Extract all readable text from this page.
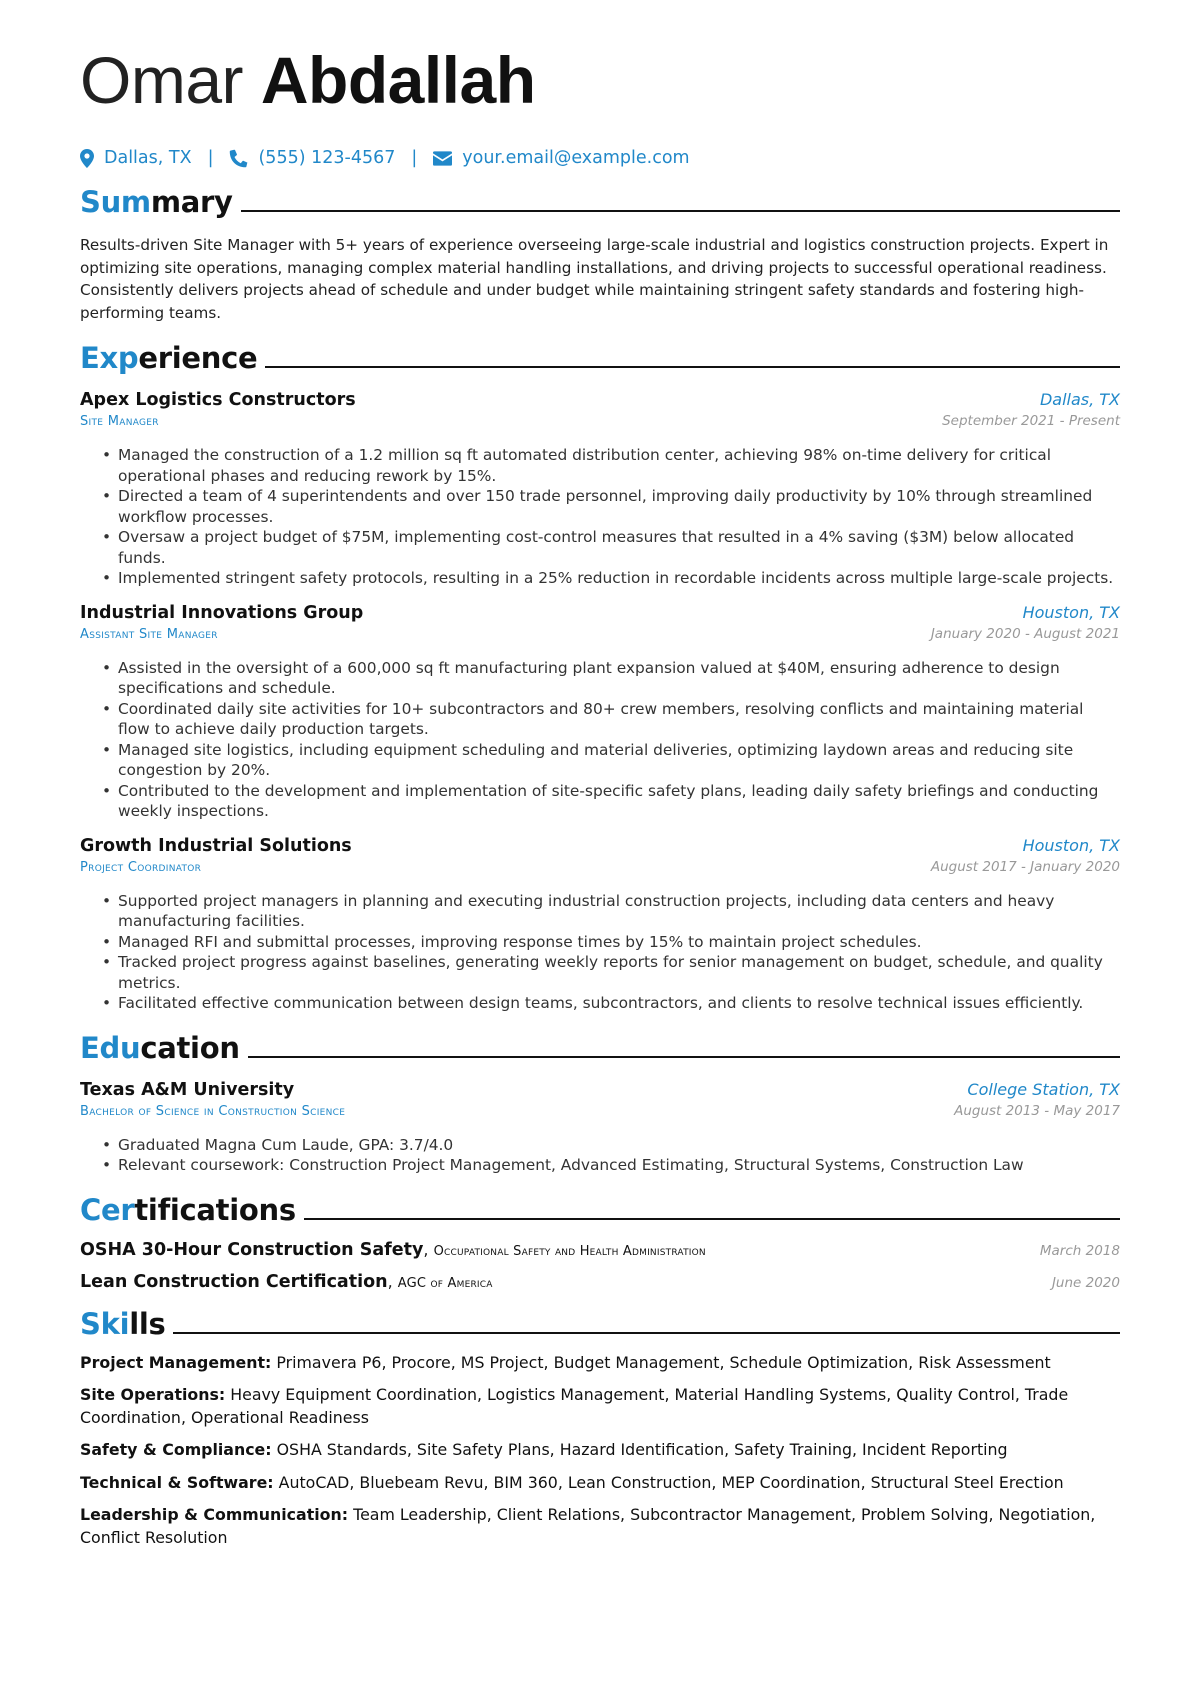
Omar Abdallah
Dallas, TX |	(555) 123-4567 |	your.email@example.com
Summary
Results-driven Site Manager with 5+ years of experience overseeing large-scale industrial and logistics construction projects. Expert in optimizing site operations, managing complex material handling installations, and driving projects to successful operational readiness. Consistently delivers projects ahead of schedule and under budget while maintaining stringent safety standards and fostering high-performing teams.
Experience
Apex Logistics Constructors	Dallas, TX
Site Manager	September 2021 - Present
• Managed the construction of a 1.2 million sq ft automated distribution center, achieving 98% on-time delivery for critical operational phases and reducing rework by 15%.
• Directed a team of 4 superintendents and over 150 trade personnel, improving daily productivity by 10% through streamlined workflow processes.
• Oversaw a project budget of $75M, implementing cost-control measures that resulted in a 4% saving ($3M) below allocated funds.
• Implemented stringent safety protocols, resulting in a 25% reduction in recordable incidents across multiple large-scale projects.
Industrial Innovations Group	Houston, TX
Assistant Site Manager	January 2020 - August 2021
• Assisted in the oversight of a 600,000 sq ft manufacturing plant expansion valued at $40M, ensuring adherence to design specifications and schedule.
• Coordinated daily site activities for 10+ subcontractors and 80+ crew members, resolving conflicts and maintaining material flow to achieve daily production targets.
• Managed site logistics, including equipment scheduling and material deliveries, optimizing laydown areas and reducing site congestion by 20%.
• Contributed to the development and implementation of site-specific safety plans, leading daily safety briefings and conducting weekly inspections.
Growth Industrial Solutions	Houston, TX
Project Coordinator	August 2017 - January 2020
• Supported project managers in planning and executing industrial construction projects, including data centers and heavy manufacturing facilities.
• Managed RFI and submittal processes, improving response times by 15% to maintain project schedules.
• Tracked project progress against baselines, generating weekly reports for senior management on budget, schedule, and quality metrics.
• Facilitated effective communication between design teams, subcontractors, and clients to resolve technical issues efficiently.
Education
Texas A&M University	College Station, TX
Bachelor of Science in Construction Science	August 2013 - May 2017
• Graduated Magna Cum Laude, GPA: 3.7/4.0
• Relevant coursework: Construction Project Management, Advanced Estimating, Structural Systems, Construction Law
Certifications
OSHA 30-Hour Construction Safety, Occupational Safety and Health Administration	March 2018
Lean Construction Certification, AGC of America	June 2020
Skills
Project Management: Primavera P6, Procore, MS Project, Budget Management, Schedule Optimization, Risk Assessment
Site Operations: Heavy Equipment Coordination, Logistics Management, Material Handling Systems, Quality Control, Trade Coordination, Operational Readiness
Safety & Compliance: OSHA Standards, Site Safety Plans, Hazard Identification, Safety Training, Incident Reporting
Technical & Software: AutoCAD, Bluebeam Revu, BIM 360, Lean Construction, MEP Coordination, Structural Steel Erection
Leadership & Communication: Team Leadership, Client Relations, Subcontractor Management, Problem Solving, Negotiation, Conflict Resolution
